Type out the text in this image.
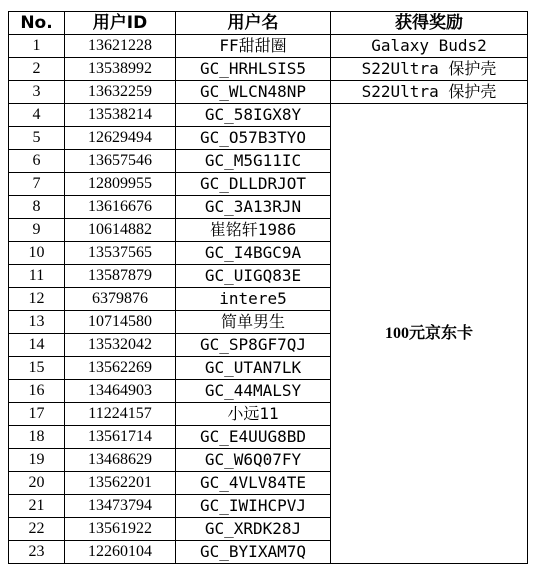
No.	用户ID	用户名	获得奖励
1	13621228	FF甜甜圈	Galaxy Buds2
2	13538992	GC_HRHLSIS5	S22Ultra 保护壳
3	13632259	GC_WLCN48NP	S22Ultra 保护壳
4	13538214	GC_58IGX8Y	100元京东卡
5	12629494	GC_O57B3TYO	
6	13657546	GC_M5G11IC	
7	12809955	GC_DLLDRJOT	
8	13616676	GC_3A13RJN	
9	10614882	崔铭轩1986	
10	13537565	GC_I4BGC9A	
11	13587879	GC_UIGQ83E	
12	6379876	intere5	
13	10714580	简单男生	
14	13532042	GC_SP8GF7QJ	
15	13562269	GC_UTAN7LK	
16	13464903	GC_44MALSY	
17	11224157	小远11	
18	13561714	GC_E4UUG8BD	
19	13468629	GC_W6Q07FY	
20	13562201	GC_4VLV84TE	
21	13473794	GC_IWIHCPVJ	
22	13561922	GC_XRDK28J	
23	12260104	GC_BYIXAM7Q	
